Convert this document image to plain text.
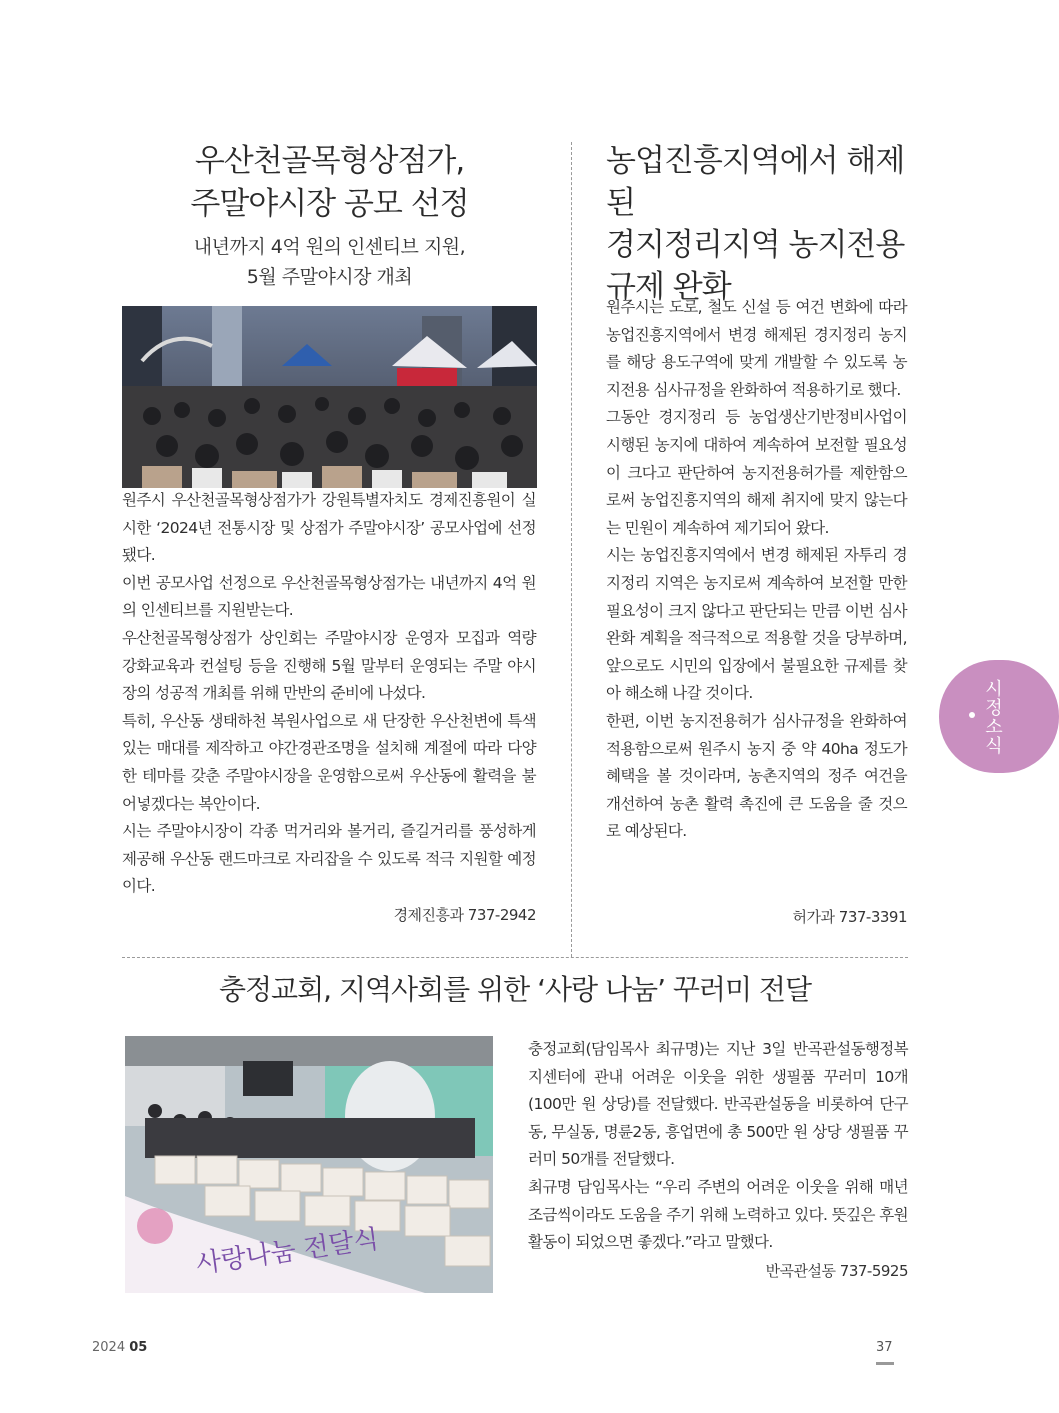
우산천골목형상점가,
주말야시장 공모 선정
내년까지 4억 원의 인센티브 지원,
5월 주말야시장 개최

원주시 우산천골목형상점가가 강원특별자치도 경제진흥원이 실시한 ‘2024년 전통시장 및 상점가 주말야시장’ 공모사업에 선정됐다.

이번 공모사업 선정으로 우산천골목형상점가는 내년까지 4억 원의 인센티브를 지원받는다.

우산천골목형상점가 상인회는 주말야시장 운영자 모집과 역량 강화교육과 컨설팅 등을 진행해 5월 말부터 운영되는 주말 야시장의 성공적 개최를 위해 만반의 준비에 나섰다.

특히, 우산동 생태하천 복원사업으로 새 단장한 우산천변에 특색있는 매대를 제작하고 야간경관조명을 설치해 계절에 따라 다양한 테마를 갖춘 주말야시장을 운영함으로써 우산동에 활력을 불어넣겠다는 복안이다.

시는 주말야시장이 각종 먹거리와 볼거리, 즐길거리를 풍성하게 제공해 우산동 랜드마크로 자리잡을 수 있도록 적극 지원할 예정이다.

경제진흥과 737-2942
농업진흥지역에서 해제된
경지정리지역 농지전용
규제 완화

원주시는 도로, 철도 신설 등 여건 변화에 따라 농업진흥지역에서 변경 해제된 경지정리 농지를 해당 용도구역에 맞게 개발할 수 있도록 농지전용 심사규정을 완화하여 적용하기로 했다.

그동안 경지정리 등 농업생산기반정비사업이 시행된 농지에 대하여 계속하여 보전할 필요성이 크다고 판단하여 농지전용허가를 제한함으로써 농업진흥지역의 해제 취지에 맞지 않는다는 민원이 계속하여 제기되어 왔다.

시는 농업진흥지역에서 변경 해제된 자투리 경지정리 지역은 농지로써 계속하여 보전할 만한 필요성이 크지 않다고 판단되는 만큼 이번 심사 완화 계획을 적극적으로 적용할 것을 당부하며, 앞으로도 시민의 입장에서 불필요한 규제를 찾아 해소해 나갈 것이다.

한편, 이번 농지전용허가 심사규정을 완화하여 적용함으로써 원주시 농지 중 약 40ha 정도가 혜택을 볼 것이라며, 농촌지역의 정주 여건을 개선하여 농촌 활력 촉진에 큰 도움을 줄 것으로 예상된다.

허가과 737-3391
충정교회, 지역사회를 위한 ‘사랑 나눔’ 꾸러미 전달
사랑나눔 전달식

충정교회(담임목사 최규명)는 지난 3일 반곡관설동행정복지센터에 관내 어려운 이웃을 위한 생필품 꾸러미 10개(100만 원 상당)를 전달했다. 반곡관설동을 비롯하여 단구동, 무실동, 명륜2동, 흥업면에 총 500만 원 상당 생필품 꾸러미 50개를 전달했다.

최규명 담임목사는 “우리 주변의 어려운 이웃을 위해 매년 조금씩이라도 도움을 주기 위해 노력하고 있다. 뜻깊은 후원 활동이 되었으면 좋겠다.”라고 말했다.

반곡관설동 737-5925
시정소식
2024 05	37
